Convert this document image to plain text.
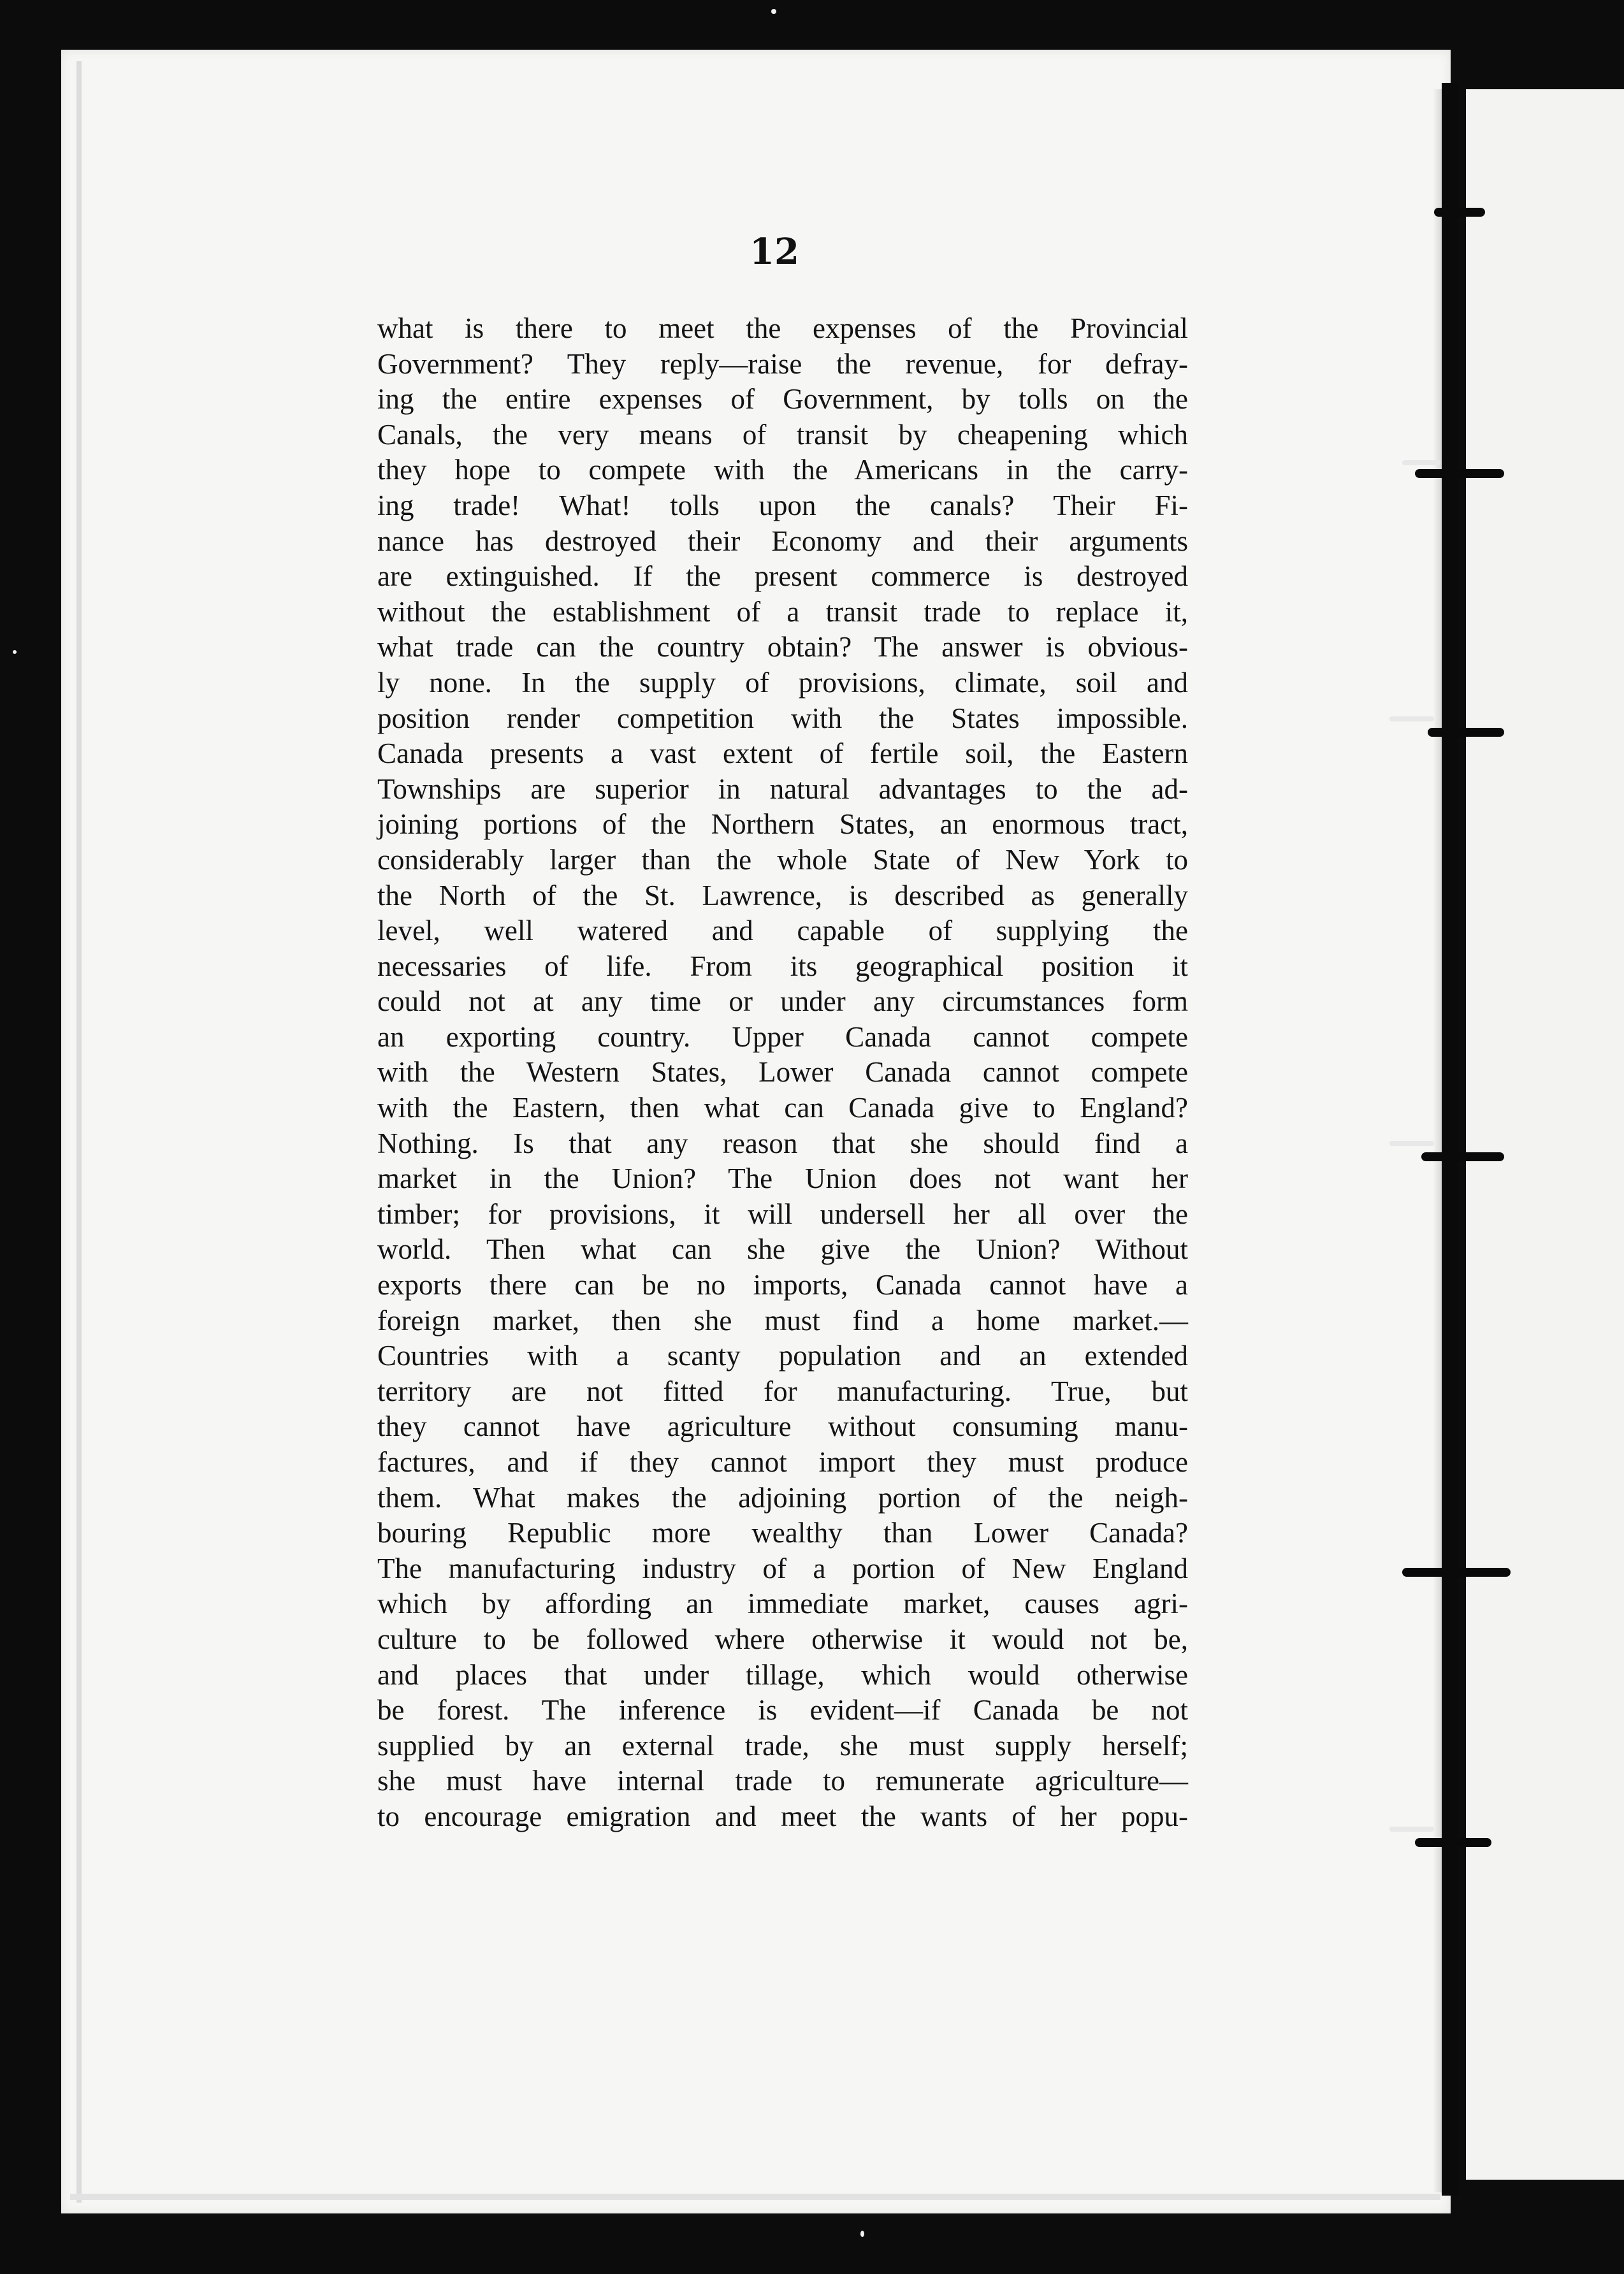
12

what is there to meet the expenses of the Provincial
Government? They reply—raise the revenue, for defray-
ing the entire expenses of Government, by tolls on the
Canals, the very means of transit by cheapening which
they hope to compete with the Americans in the carry-
ing trade! What! tolls upon the canals? Their Fi-
nance has destroyed their Economy and their arguments
are extinguished. If the present commerce is destroyed
without the establishment of a transit trade to replace it,
what trade can the country obtain? The answer is obvious-
ly none. In the supply of provisions, climate, soil and
position render competition with the States impossible.
Canada presents a vast extent of fertile soil, the Eastern
Townships are superior in natural advantages to the ad-
joining portions of the Northern States, an enormous tract,
considerably larger than the whole State of New York to
the North of the St. Lawrence, is described as generally
level, well watered and capable of supplying the
necessaries of life. From its geographical position it
could not at any time or under any circumstances form
an exporting country. Upper Canada cannot compete
with the Western States, Lower Canada cannot compete
with the Eastern, then what can Canada give to England?
Nothing. Is that any reason that she should find a
market in the Union? The Union does not want her
timber; for provisions, it will undersell her all over the
world. Then what can she give the Union? Without
exports there can be no imports, Canada cannot have a
foreign market, then she must find a home market.—
Countries with a scanty population and an extended
territory are not fitted for manufacturing. True, but
they cannot have agriculture without consuming manu-
factures, and if they cannot import they must produce
them. What makes the adjoining portion of the neigh-
bouring Republic more wealthy than Lower Canada?
The manufacturing industry of a portion of New England
which by affording an immediate market, causes agri-
culture to be followed where otherwise it would not be,
and places that under tillage, which would otherwise
be forest. The inference is evident—if Canada be not
supplied by an external trade, she must supply herself;
she must have internal trade to remunerate agriculture—
to encourage emigration and meet the wants of her popu-
